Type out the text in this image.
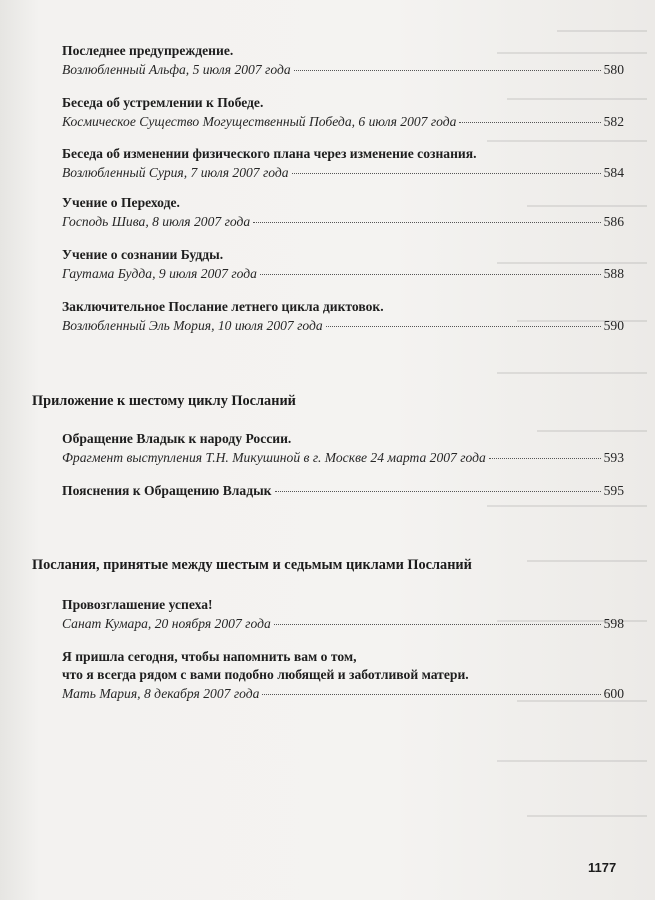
Последнее предупреждение.
Возлюбленный Альфа, 5 июля 2007 года	580
Беседа об устремлении к Победе.
Космическое Существо Могущественный Победа, 6 июля 2007 года	582
Беседа об изменении физического плана через изменение сознания.
Возлюбленный Сурия, 7 июля 2007 года	584
Учение о Переходе.
Господь Шива, 8 июля 2007 года	586
Учение о сознании Будды.
Гаутама Будда, 9 июля 2007 года	588
Заключительное Послание летнего цикла диктовок.
Возлюбленный Эль Мория, 10 июля 2007 года	590
Приложение к шестому циклу Посланий
Обращение Владык к народу России.
Фрагмент выступления Т.Н. Микушиной в г. Москве 24 марта 2007 года	593
Пояснения к Обращению Владык	595
Послания, принятые между шестым и седьмым циклами Посланий
Провозглашение успеха!
Санат Кумара, 20 ноября 2007 года	598
Я пришла сегодня, чтобы напомнить вам о том,
что я всегда рядом с вами подобно любящей и заботливой матери.
Мать Мария, 8 декабря 2007 года	600
1177
